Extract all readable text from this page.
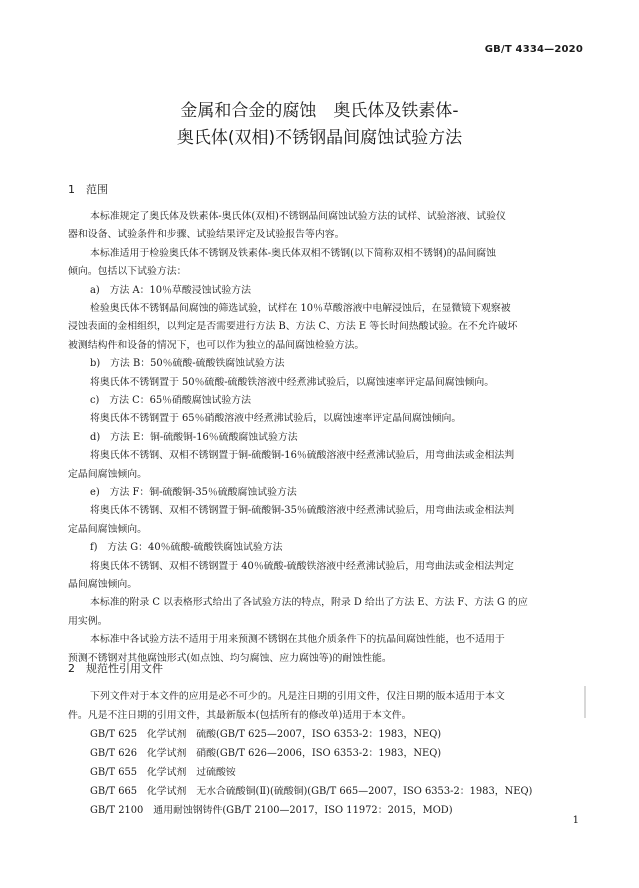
GB/T 4334—2020
金属和合金的腐蚀　奥氏体及铁素体-
奥氏体(双相)不锈钢晶间腐蚀试验方法
1 范围
本标准规定了奥氏体及铁素体-奥氏体(双相)不锈钢晶间腐蚀试验方法的试样、试验溶液、试验仪
器和设备、试验条件和步骤、试验结果评定及试验报告等内容。
本标准适用于检验奥氏体不锈钢及铁素体-奥氏体双相不锈钢(以下简称双相不锈钢)的晶间腐蚀
倾向。包括以下试验方法：
a)　方法 A：10％草酸浸蚀试验方法
检验奥氏体不锈钢晶间腐蚀的筛选试验，试样在 10％草酸溶液中电解浸蚀后，在显微镜下观察被
浸蚀表面的金相组织，以判定是否需要进行方法 B、方法 C、方法 E 等长时间热酸试验。在不允许破坏
被测结构件和设备的情况下，也可以作为独立的晶间腐蚀检验方法。
b)　方法 B：50％硫酸-硫酸铁腐蚀试验方法
将奥氏体不锈钢置于 50％硫酸-硫酸铁溶液中经煮沸试验后，以腐蚀速率评定晶间腐蚀倾向。
c)　方法 C：65％硝酸腐蚀试验方法
将奥氏体不锈钢置于 65％硝酸溶液中经煮沸试验后，以腐蚀速率评定晶间腐蚀倾向。
d)　方法 E：铜-硫酸铜-16％硫酸腐蚀试验方法
将奥氏体不锈钢、双相不锈钢置于铜-硫酸铜-16％硫酸溶液中经煮沸试验后，用弯曲法或金相法判
定晶间腐蚀倾向。
e)　方法 F：铜-硫酸铜-35％硫酸腐蚀试验方法
将奥氏体不锈钢、双相不锈钢置于铜-硫酸铜-35％硫酸溶液中经煮沸试验后，用弯曲法或金相法判
定晶间腐蚀倾向。
f)　方法 G：40％硫酸-硫酸铁腐蚀试验方法
将奥氏体不锈钢、双相不锈钢置于 40％硫酸-硫酸铁溶液中经煮沸试验后，用弯曲法或金相法判定
晶间腐蚀倾向。
本标准的附录 C 以表格形式给出了各试验方法的特点，附录 D 给出了方法 E、方法 F、方法 G 的应
用实例。
本标准中各试验方法不适用于用来预测不锈钢在其他介质条件下的抗晶间腐蚀性能，也不适用于
预测不锈钢对其他腐蚀形式(如点蚀、均匀腐蚀、应力腐蚀等)的耐蚀性能。
2 规范性引用文件
1
下列文件对于本文件的应用是必不可少的。凡是注日期的引用文件，仅注日期的版本适用于本文
件。凡是不注日期的引用文件，其最新版本(包括所有的修改单)适用于本文件。
GB/T 625　化学试剂　硫酸(GB/T 625—2007，ISO 6353-2：1983，NEQ)
GB/T 626　化学试剂　硝酸(GB/T 626—2006，ISO 6353-2：1983，NEQ)
GB/T 655　化学试剂　过硫酸铵
GB/T 665　化学试剂　无水合硫酸铜(Ⅱ)(硫酸铜)(GB/T 665—2007，ISO 6353-2：1983，NEQ)
GB/T 2100　通用耐蚀钢铸件(GB/T 2100—2017，ISO 11972：2015，MOD)
